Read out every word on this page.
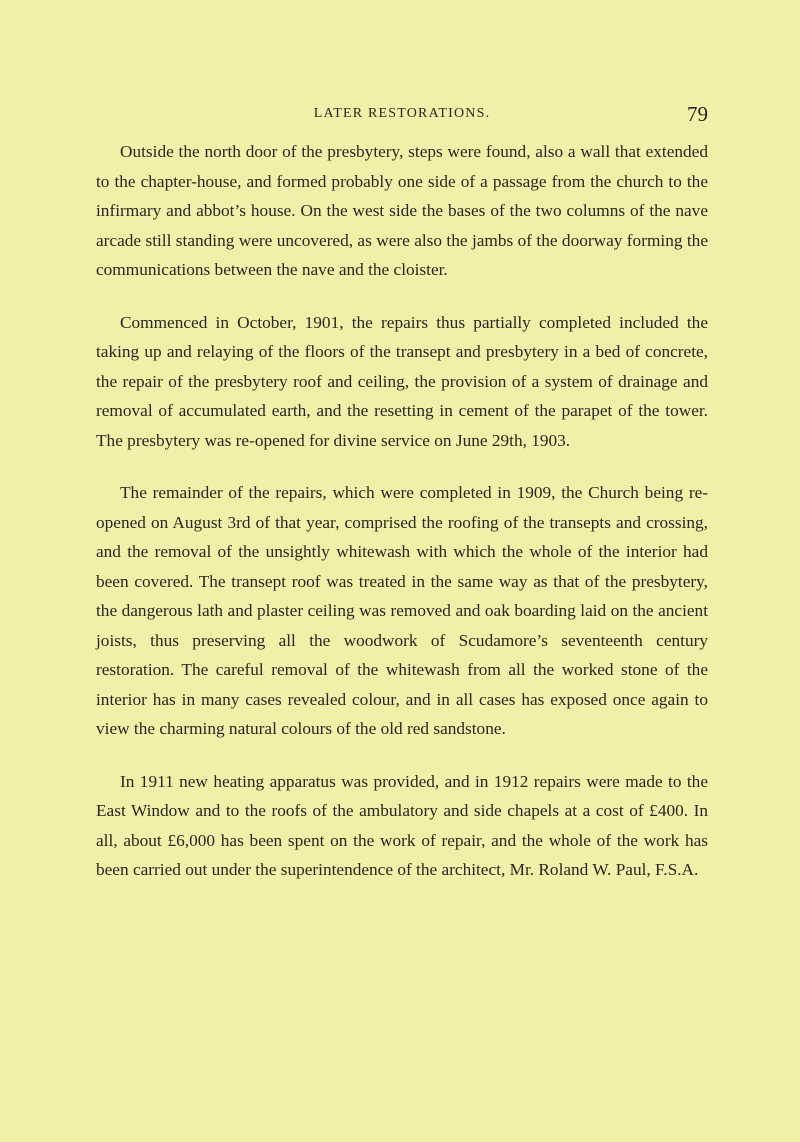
LATER RESTORATIONS.	79

Outside the north door of the presbytery, steps were found, also a wall that extended to the chapter-house, and formed probably one side of a passage from the church to the infirmary and abbot’s house. On the west side the bases of the two columns of the nave arcade still standing were uncovered, as were also the jambs of the doorway forming the communications between the nave and the cloister.

Commenced in October, 1901, the repairs thus partially completed included the taking up and relaying of the floors of the transept and presbytery in a bed of concrete, the repair of the presbytery roof and ceiling, the provision of a system of drainage and removal of accumulated earth, and the resetting in cement of the parapet of the tower. The presbytery was re-opened for divine service on June 29th, 1903.

The remainder of the repairs, which were completed in 1909, the Church being re-opened on August 3rd of that year, comprised the roofing of the transepts and crossing, and the removal of the unsightly whitewash with which the whole of the interior had been covered. The transept roof was treated in the same way as that of the presbytery, the dangerous lath and plaster ceiling was removed and oak boarding laid on the ancient joists, thus preserving all the woodwork of Scudamore’s seventeenth century restoration. The careful removal of the whitewash from all the worked stone of the interior has in many cases revealed colour, and in all cases has exposed once again to view the charming natural colours of the old red sandstone.

In 1911 new heating apparatus was provided, and in 1912 repairs were made to the East Window and to the roofs of the ambulatory and side chapels at a cost of £400. In all, about £6,000 has been spent on the work of repair, and the whole of the work has been carried out under the superintendence of the architect, Mr. Roland W. Paul, F.S.A.
